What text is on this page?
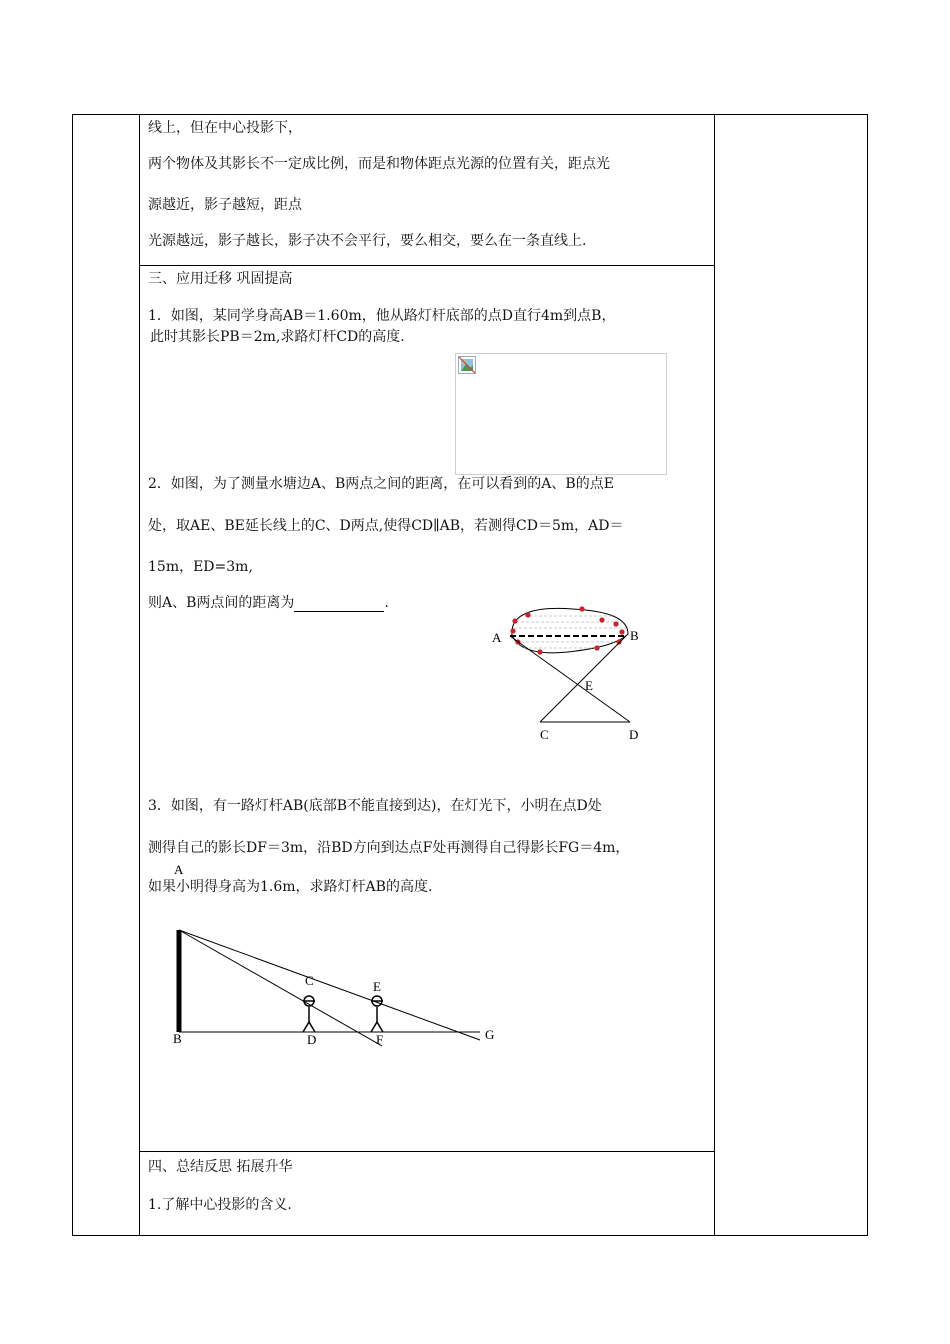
线上，但在中心投影下，
两个物体及其影长不一定成比例，而是和物体距点光源的位置有关，距点光
源越近，影子越短，距点
光源越远，影子越长，影子决不会平行，要么相交，要么在一条直线上.
三、应用迁移 巩固提高
1．如图，某同学身高AB＝1.60m，他从路灯杆底部的点D直行4m到点B，
此时其影长PB＝2m,求路灯杆CD的高度.
2．如图，为了测量水塘边A、B两点之间的距离，在可以看到的A、B的点E
处，取AE、BE延长线上的C、D两点,使得CD∥AB，若测得CD＝5m，AD＝
15m，ED=3m,
则A、B两点间的距离为	.
A	B
E
C	D
3．如图，有一路灯杆AB(底部B不能直接到达)，在灯光下，小明在点D处
测得自己的影长DF＝3m，沿BD方向到达点F处再测得自己得影长FG＝4m，
如果小明得身高为1.6m，求路灯杆AB的高度.
A
C	E
B	D	F	G
四、总结反思 拓展升华
1.了解中心投影的含义.
